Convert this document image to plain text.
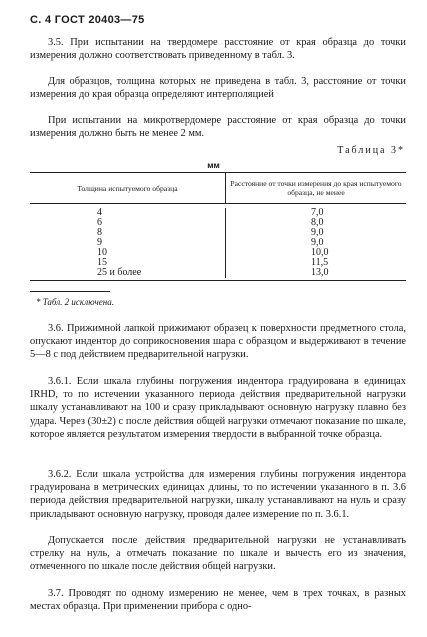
С. 4 ГОСТ 20403—75
3.5. При испытании на твердомере расстояние от края образца до точки измерения должно соответствовать приведенному в табл. 3.
Для образцов, толщина которых не приведена в табл. 3, расстояние от точки измерения до края образца определяют интерполяцией
При испытании на микротвердомере расстояние от края образца до точки измерения должно быть не менее 2 мм.
Таблица 3*
мм
Толщина испытуемого образца	Расстояние от точки измерения до края испытуемого образца, не менее
4
6
8
9
10
15
25 и более
7,0
8,0
9,0
9,0
10,0
11,5
13,0
* Табл. 2 исключена.
3.6. Прижимной лапкой прижимают образец к поверхности предметного стола, опускают индентор до соприкосновения шара с образцом и выдерживают в течение 5—8 с под действием предварительной нагрузки.
3.6.1. Если шкала глубины погружения индентора градуирована в единицах IRHD, то по истечении указанного периода действия предварительной нагрузки шкалу устанавливают на 100 и сразу прикладывают основную нагрузку плавно без удара. Через (30±2) с после действия общей нагрузки отмечают показание по шкале, которое является результатом измерения твердости в выбранной точке образца.
3.6.2. Если шкала устройства для измерения глубины погружения индентора градуирована в метрических единицах длины, то по истечении указанного в п. 3.6 периода действия предварительной нагрузки, шкалу устанавливают на нуль и сразу прикладывают основную нагрузку, проводя далее измерение по п. 3.6.1.
Допускается после действия предварительной нагрузки не устанавливать стрелку на нуль, а отмечать показание по шкале и вычесть его из значения, отмеченного по шкале после действия общей нагрузки.
3.7. Проводят по одному измерению не менее, чем в трех точках, в разных местах образца. При применении прибора с одно-
